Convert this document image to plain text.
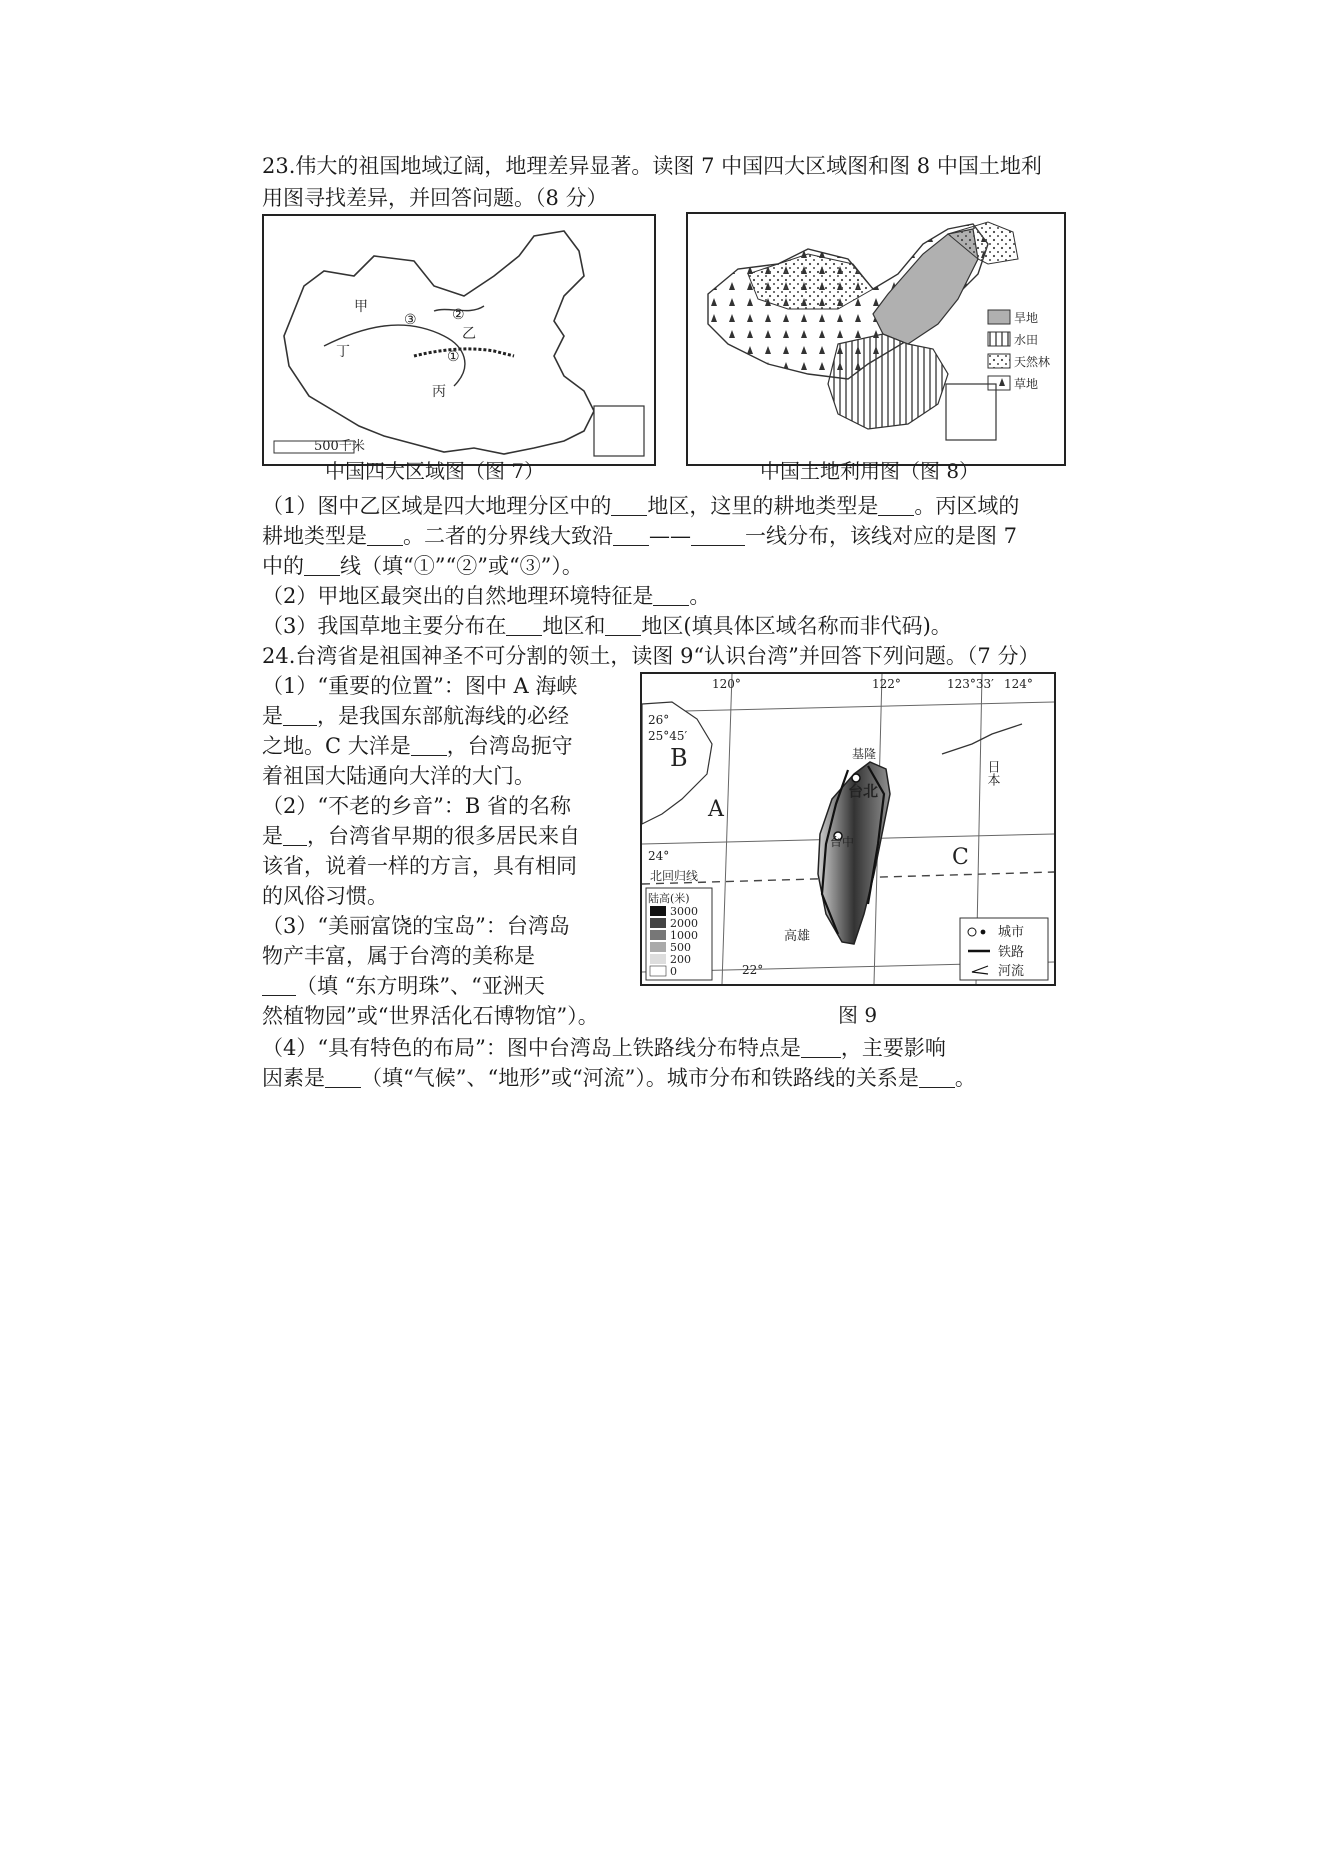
23.伟大的祖国地域辽阔，地理差异显著。读图 7 中国四大区域图和图 8 中国土地利
用图寻找差异，并回答问题。（8 分）
甲
乙
丙
丁	①
②
③
500千米
中国四大区域图（图 7）
旱地
水田
天然林
草地
中国土地利用图（图 8）
（1）图中乙区域是四大地理分区中的 地区，这里的耕地类型是 。丙区域的
耕地类型是 。二者的分界线大致沿 ——	一线分布，该线对应的是图 7
中的 线（填“①”“②”或“③”）。
（2）甲地区最突出的自然地理环境特征是 。
（3）我国草地主要分布在 地区和 地区(填具体区域名称而非代码)。
24.台湾省是祖国神圣不可分割的领土，读图 9“认识台湾”并回答下列问题。（7 分）
（1）“重要的位置”：图中 A 海峡
是 ，是我国东部航海线的必经
之地。C 大洋是 ，台湾岛扼守
着祖国大陆通向大洋的大门。
（2）“不老的乡音”：B 省的名称
是 ，台湾省早期的很多居民来自
该省，说着一样的方言，具有相同
的风俗习惯。
（3）“美丽富饶的宝岛”：台湾岛
物产丰富，属于台湾的美称是
（填 “东方明珠”、“亚洲天
然植物园”或“世界活化石博物馆”）。
120°	122°	123°33′ 124°
26°
25°45′
24°
22°
北回归线
B
A
C
基隆
台北
台中
高雄
日本
陆高(米)
3000
2000
1000
500
200
0
城市
铁路
河流
图 9
（4）“具有特色的布局”：图中台湾岛上铁路线分布特点是 ，主要影响
因素是 （填“气候”、“地形”或“河流”）。城市分布和铁路线的关系是 。
